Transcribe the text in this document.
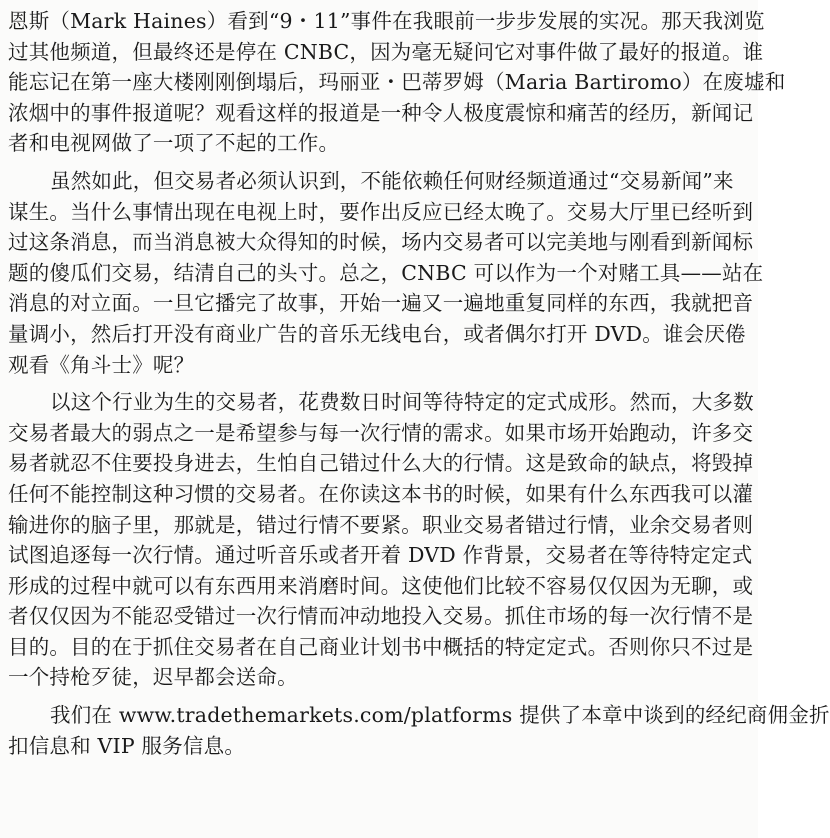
恩斯（Mark Haines）看到“9・11”事件在我眼前一步步发展的实况。那天我浏览
过其他频道，但最终还是停在 CNBC，因为毫无疑问它对事件做了最好的报道。谁
能忘记在第一座大楼刚刚倒塌后，玛丽亚・巴蒂罗姆（Maria Bartiromo）在废墟和
浓烟中的事件报道呢？观看这样的报道是一种令人极度震惊和痛苦的经历，新闻记
者和电视网做了一项了不起的工作。
虽然如此，但交易者必须认识到，不能依赖任何财经频道通过“交易新闻”来
谋生。当什么事情出现在电视上时，要作出反应已经太晚了。交易大厅里已经听到
过这条消息，而当消息被大众得知的时候，场内交易者可以完美地与刚看到新闻标
题的傻瓜们交易，结清自己的头寸。总之，CNBC 可以作为一个对赌工具——站在
消息的对立面。一旦它播完了故事，开始一遍又一遍地重复同样的东西，我就把音
量调小，然后打开没有商业广告的音乐无线电台，或者偶尔打开 DVD。谁会厌倦
观看《角斗士》呢？
以这个行业为生的交易者，花费数日时间等待特定的定式成形。然而，大多数
交易者最大的弱点之一是希望参与每一次行情的需求。如果市场开始跑动，许多交
易者就忍不住要投身进去，生怕自己错过什么大的行情。这是致命的缺点，将毁掉
任何不能控制这种习惯的交易者。在你读这本书的时候，如果有什么东西我可以灌
输进你的脑子里，那就是，错过行情不要紧。职业交易者错过行情，业余交易者则
试图追逐每一次行情。通过听音乐或者开着 DVD 作背景，交易者在等待特定定式
形成的过程中就可以有东西用来消磨时间。这使他们比较不容易仅仅因为无聊，或
者仅仅因为不能忍受错过一次行情而冲动地投入交易。抓住市场的每一次行情不是
目的。目的在于抓住交易者在自己商业计划书中概括的特定定式。否则你只不过是
一个持枪歹徒，迟早都会送命。
我们在 www.tradethemarkets.com/platforms 提供了本章中谈到的经纪商佣金折
扣信息和 VIP 服务信息。
